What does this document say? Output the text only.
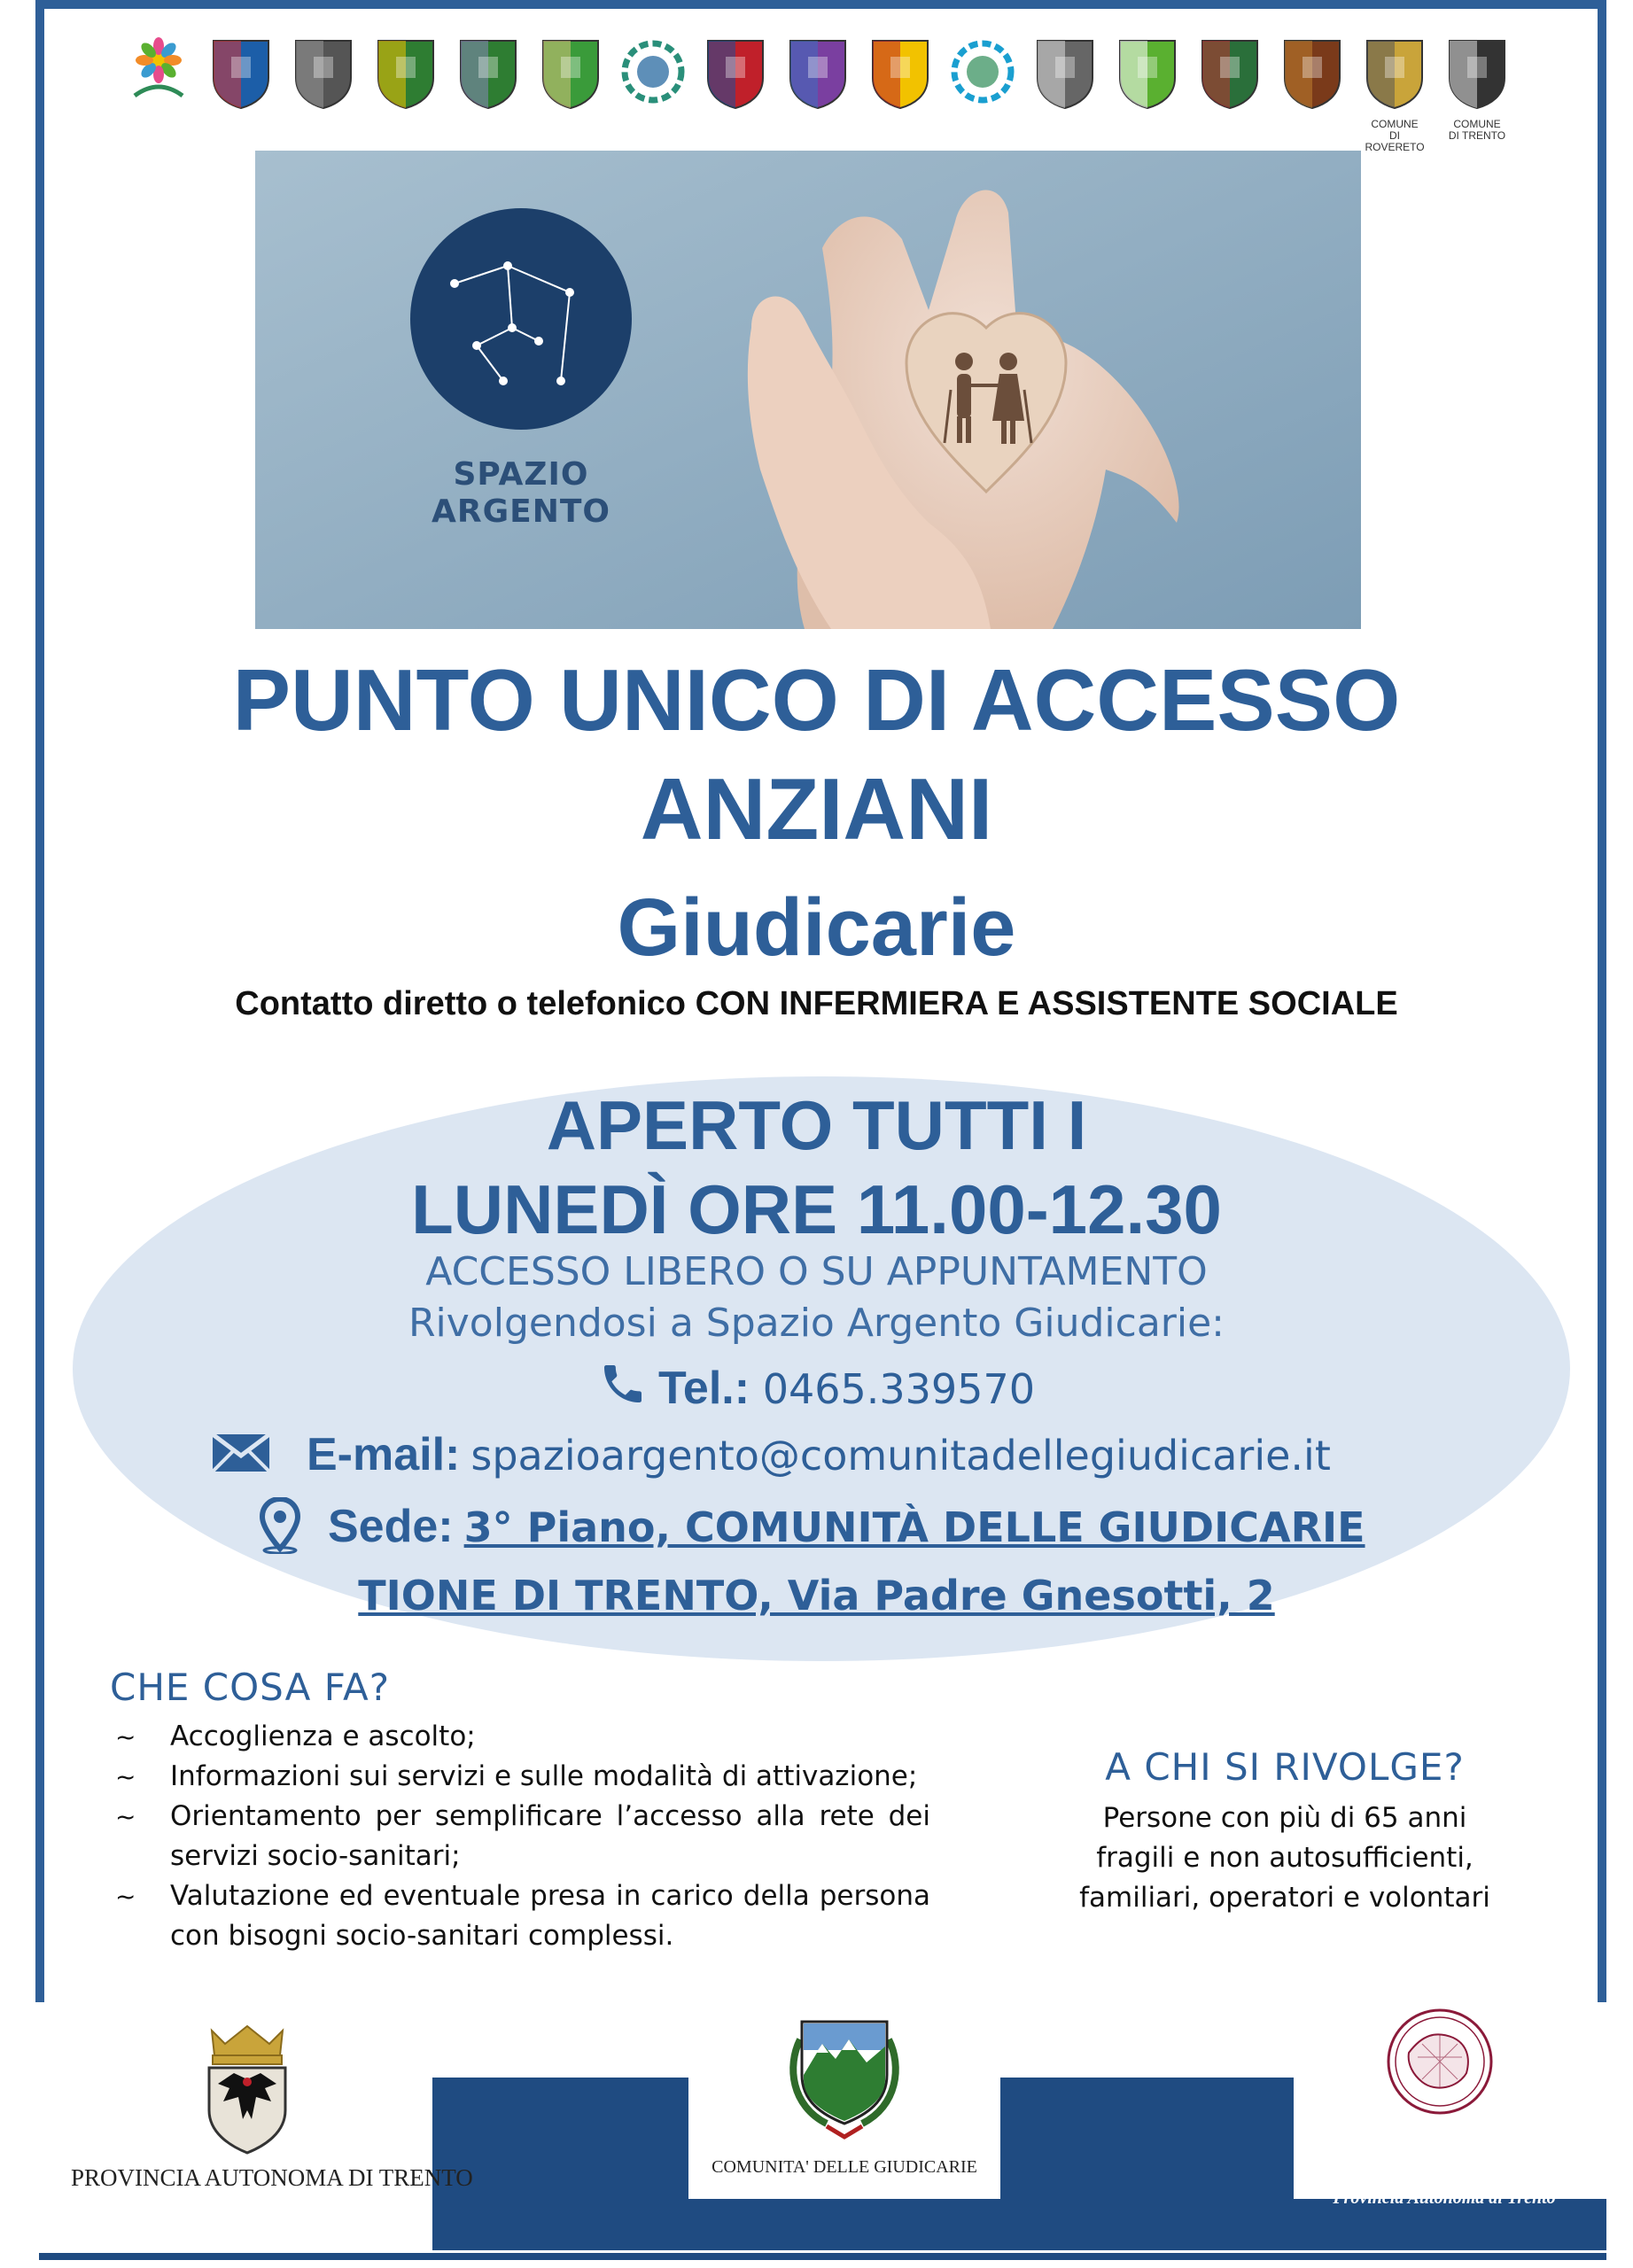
COMUNE
DI ROVERETO
COMUNE
DI TRENTO
SPAZIO
ARGENTO
PUNTO UNICO DI ACCESSO
ANZIANI
Giudicarie
Contatto diretto o telefonico CON INFERMIERA E ASSISTENTE SOCIALE
APERTO TUTTI I
LUNEDÌ ORE 11.00-12.30
ACCESSO LIBERO O SU APPUNTAMENTO
Rivolgendosi a Spazio Argento Giudicarie:
Tel.: 0465.339570
E-mail: spazioargento@comunitadellegiudicarie.it
Sede: 3° Piano, COMUNITÀ DELLE GIUDICARIE
TIONE DI TRENTO, Via Padre Gnesotti, 2
CHE COSA FA?
~ Accoglienza e ascolto;
~ Informazioni sui servizi e sulle modalità di attivazione;
~ Orientamento per semplificare l’accesso alla rete dei servizi socio-sanitari;
~ Valutazione ed eventuale presa in carico della persona con bisogni socio-sanitari complessi.
A CHI SI RIVOLGE?
Persone con più di 65 anni
fragili e non autosufficienti,
familiari, operatori e volontari
PROVINCIA AUTONOMA DI TRENTO	COMUNITA' DELLE GIUDICARIE
Azienda Provinciale
per i Servizi Sanitari
Provincia Autonoma di Trento
